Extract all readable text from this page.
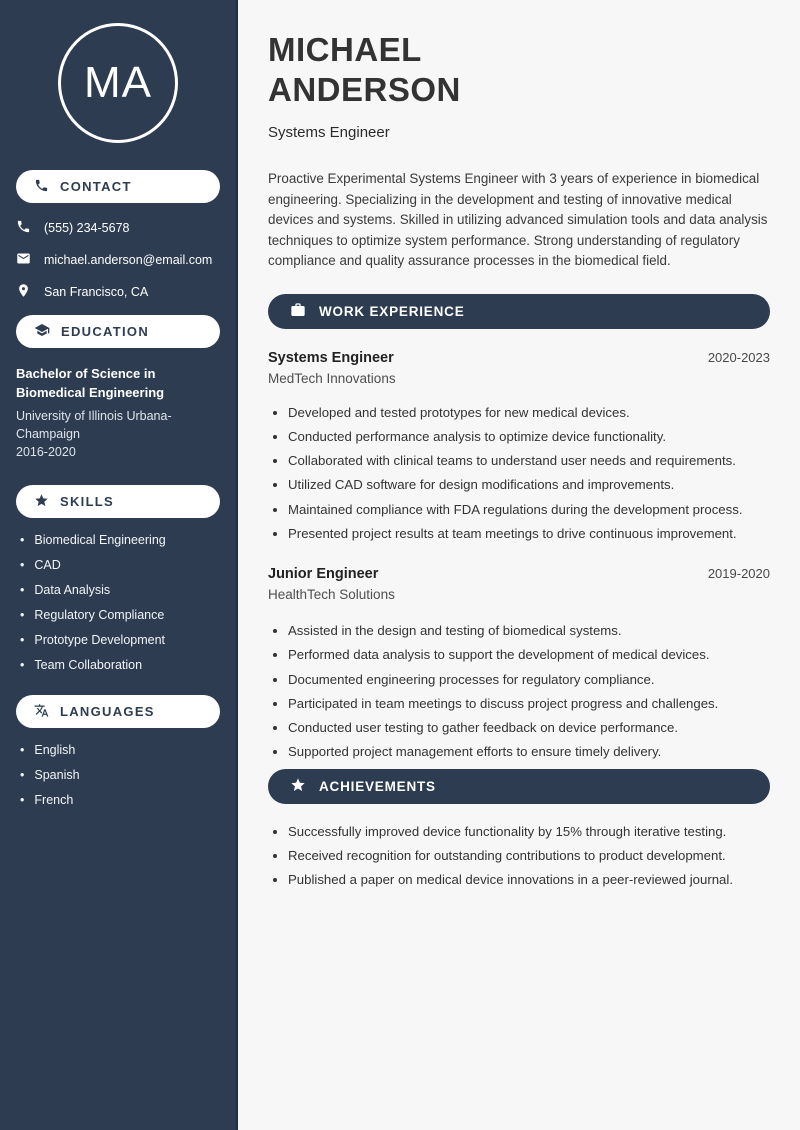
MA
CONTACT
(555) 234-5678
michael.anderson@email.com
San Francisco, CA
EDUCATION
Bachelor of Science in Biomedical Engineering
University of Illinois Urbana-Champaign
2016-2020
SKILLS
• Biomedical Engineering
• CAD
• Data Analysis
• Regulatory Compliance
• Prototype Development
• Team Collaboration
LANGUAGES
• English
• Spanish
• French
MICHAEL
ANDERSON
Systems Engineer

Proactive Experimental Systems Engineer with 3 years of experience in biomedical engineering. Specializing in the development and testing of innovative medical devices and systems. Skilled in utilizing advanced simulation tools and data analysis techniques to optimize system performance. Strong understanding of regulatory compliance and quality assurance processes in the biomedical field.

WORK EXPERIENCE
Systems Engineer	2020-2023
MedTech Innovations
• Developed and tested prototypes for new medical devices.
• Conducted performance analysis to optimize device functionality.
• Collaborated with clinical teams to understand user needs and requirements.
• Utilized CAD software for design modifications and improvements.
• Maintained compliance with FDA regulations during the development process.
• Presented project results at team meetings to drive continuous improvement.
Junior Engineer	2019-2020
HealthTech Solutions
• Assisted in the design and testing of biomedical systems.
• Performed data analysis to support the development of medical devices.
• Documented engineering processes for regulatory compliance.
• Participated in team meetings to discuss project progress and challenges.
• Conducted user testing to gather feedback on device performance.
• Supported project management efforts to ensure timely delivery.
ACHIEVEMENTS
• Successfully improved device functionality by 15% through iterative testing.
• Received recognition for outstanding contributions to product development.
• Published a paper on medical device innovations in a peer-reviewed journal.
